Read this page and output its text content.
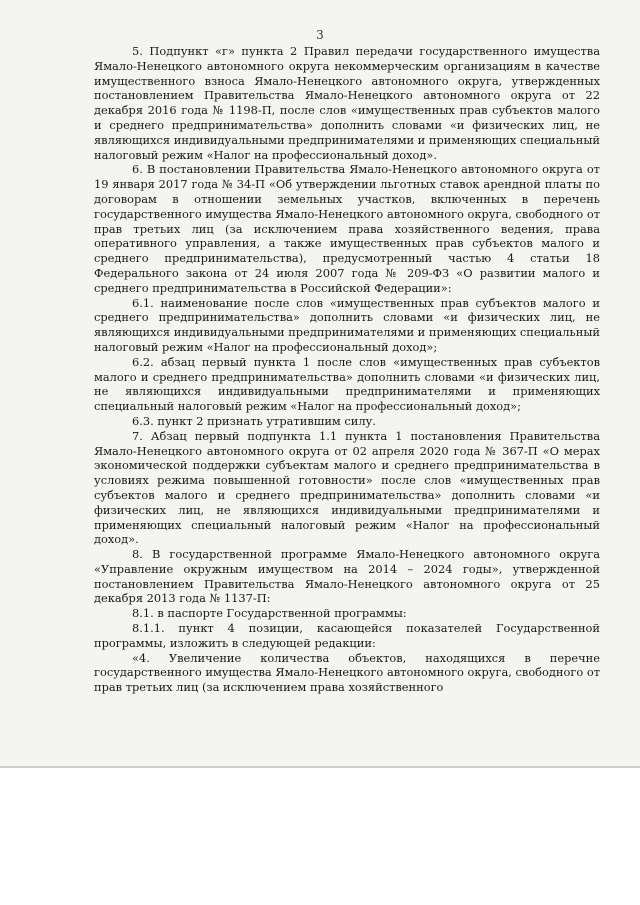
3

5. Подпункт «г» пункта 2 Правил передачи государственного имущества Ямало-Ненецкого автономного округа некоммерческим организациям в качестве имущественного взноса Ямало-Ненецкого автономного округа, утвержденных постановлением Правительства Ямало-Ненецкого автономного округа от 22 декабря 2016 года № 1198-П, после слов «имущественных прав субъектов малого и среднего предпринимательства» дополнить словами «и физических лиц, не являющихся индивидуальными предпринимателями и применяющих специальный налоговый режим «Налог на профессиональный доход».

6. В постановлении Правительства Ямало-Ненецкого автономного округа от 19 января 2017 года № 34-П «Об утверждении льготных ставок арендной платы по договорам в отношении земельных участков, включенных в перечень государственного имущества Ямало-Ненецкого автономного округа, свободного от прав третьих лиц (за исключением права хозяйственного ведения, права оперативного управления, а также имущественных прав субъектов малого и среднего предпринимательства), предусмотренный частью 4 статьи 18 Федерального закона от 24 июля 2007 года № 209-ФЗ «О развитии малого и среднего предпринимательства в Российской Федерации»:

6.1. наименование после слов «имущественных прав субъектов малого и среднего предпринимательства» дополнить словами «и физических лиц, не являющихся индивидуальными предпринимателями и применяющих специальный налоговый режим «Налог на профессиональный доход»;

6.2. абзац первый пункта 1 после слов «имущественных прав субъектов малого и среднего предпринимательства» дополнить словами «и физических лиц, не являющихся индивидуальными предпринимателями и применяющих специальный налоговый режим «Налог на профессиональный доход»;

6.3. пункт 2 признать утратившим силу.

7. Абзац первый подпункта 1.1 пункта 1 постановления Правительства Ямало-Ненецкого автономного округа от 02 апреля 2020 года № 367-П «О мерах экономической поддержки субъектам малого и среднего предпринимательства в условиях режима повышенной готовности» после слов «имущественных прав субъектов малого и среднего предпринимательства» дополнить словами «и физических лиц, не являющихся индивидуальными предпринимателями и применяющих специальный налоговый режим «Налог на профессиональный доход».

8. В государственной программе Ямало-Ненецкого автономного округа «Управление окружным имуществом на 2014 – 2024 годы», утвержденной постановлением Правительства Ямало-Ненецкого автономного округа от 25 декабря 2013 года № 1137-П:

8.1. в паспорте Государственной программы:

8.1.1. пункт 4 позиции, касающейся показателей Государственной программы, изложить в следующей редакции:

«4. Увеличение количества объектов, находящихся в перечне государственного имущества Ямало-Ненецкого автономного округа, свободного от прав третьих лиц (за исключением права хозяйственного
